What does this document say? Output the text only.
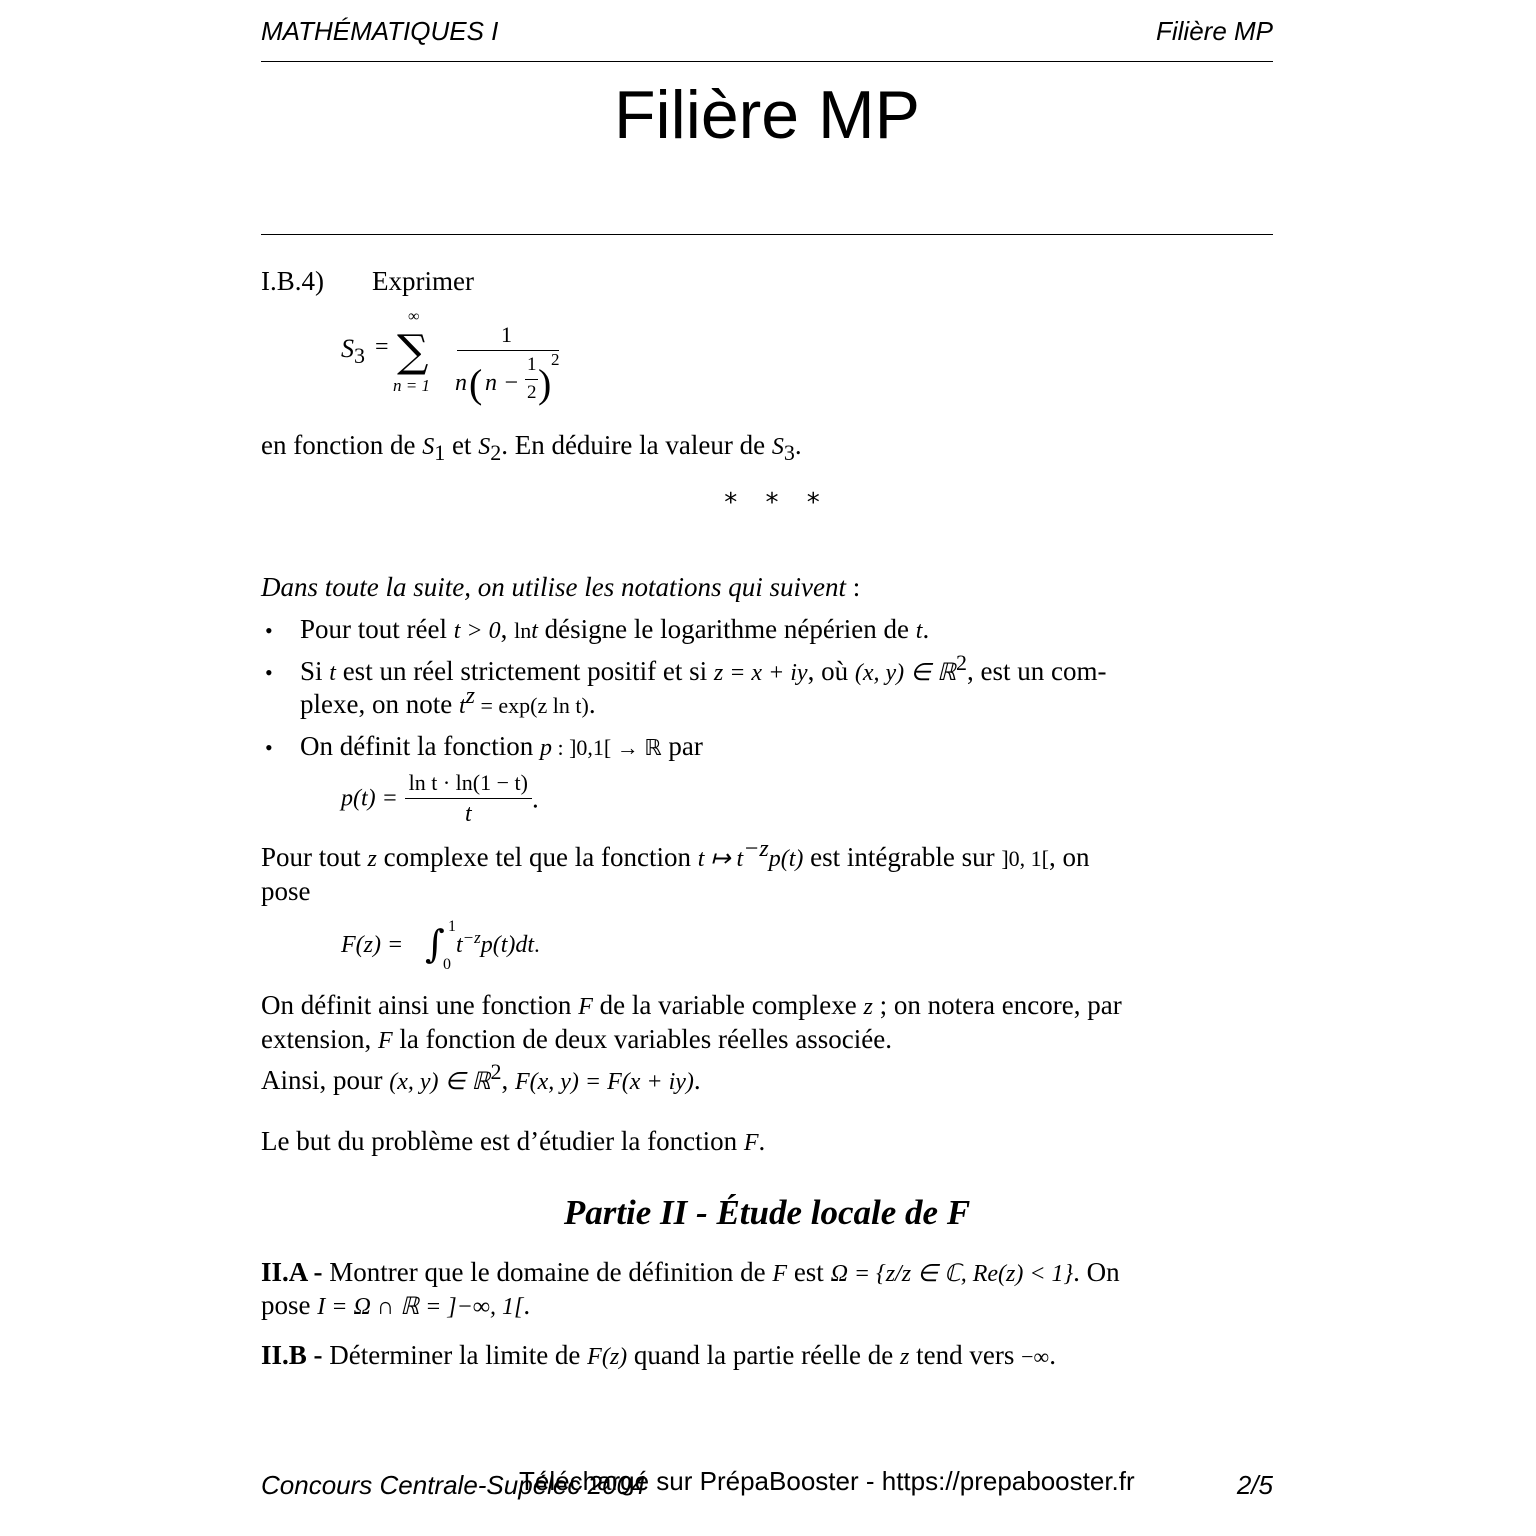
MATHÉMATIQUES I	Filière MP
Filière MP
I.B.4) Exprimer
$S_3$ =
∞
∑
n = 1
1
n ( n −
1
2 )
2
en fonction de $S_1$ et $S_2$. En déduire la valeur de $S_3$.
* * *
Dans toute la suite, on utilise les notations qui suivent :
• Pour tout réel t > 0, lnt désigne le logarithme népérien de t.
• Si t est un réel strictement positif et si z = x + iy, où (x, y) ∈ ℝ$^2$, est un com-
plexe, on note $t^z = \exp(z$ ln t).
• On définit la fonction p : ]0,1[ → ℝ par
$p(t) = \frac{\text{ln t · ln(1 − t)}}{t}$ .
Pour tout z complexe tel que la fonction t ↦ $t^{-z}p(t)$ est intégrable sur ]0, 1[, on
pose
F(z) = ∫ 1
0
$t^{-z}p(t)dt$.
On définit ainsi une fonction F de la variable complexe z ; on notera encore, par
extension, F la fonction de deux variables réelles associée.
Ainsi, pour (x, y) ∈ ℝ$^2$, F(x, y) = F(x + iy).
Le but du problème est d’étudier la fonction F.
Partie II - Étude locale de F
II.A - Montrer que le domaine de définition de F est Ω = {z/z ∈ ℂ, Re(z) < 1}. On
pose I = Ω ∩ ℝ = ]−∞, 1[.
II.B - Déterminer la limite de F(z) quand la partie réelle de z tend vers −∞.
Concours Centrale-Supélec 2004
Téléchargé sur PrépaBooster - https://prepabooster.fr	2/5
